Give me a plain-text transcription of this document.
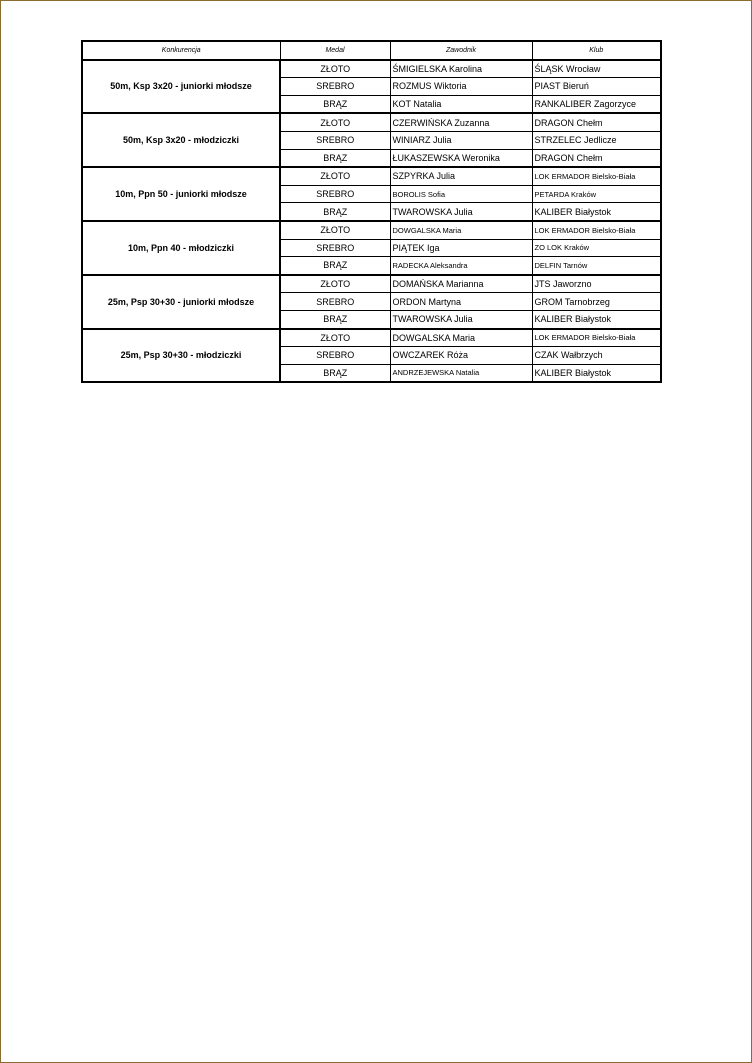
Konkurencja	Medal	Zawodnik	Klub
50m, Ksp 3x20 - juniorki młodsze	ZŁOTO	ŚMIGIELSKA Karolina	ŚLĄSK Wrocław
	SREBRO	ROZMUS Wiktoria	PIAST Bieruń
	BRĄZ	KOT Natalia	RANKALIBER Zagorzyce
50m, Ksp 3x20 - młodziczki	ZŁOTO	CZERWIŃSKA Zuzanna	DRAGON Chełm
	SREBRO	WINIARZ Julia	STRZELEC Jedlicze
	BRĄZ	ŁUKASZEWSKA Weronika	DRAGON Chełm
10m, Ppn 50 - juniorki młodsze	ZŁOTO	SZPYRKA Julia	LOK ERMADOR Bielsko-Biała
	SREBRO	BOROLIS Sofia	PETARDA Kraków
	BRĄZ	TWAROWSKA Julia	KALIBER Białystok
10m, Ppn 40 - młodziczki	ZŁOTO	DOWGALSKA Maria	LOK ERMADOR Bielsko-Biała
	SREBRO	PIĄTEK Iga	ZO LOK Kraków
	BRĄZ	RADECKA Aleksandra	DELFIN Tarnów
25m, Psp 30+30 - juniorki młodsze	ZŁOTO	DOMAŃSKA Marianna	JTS Jaworzno
	SREBRO	ORDON Martyna	GROM Tarnobrzeg
	BRĄZ	TWAROWSKA Julia	KALIBER Białystok
25m, Psp 30+30 - młodziczki	ZŁOTO	DOWGALSKA Maria	LOK ERMADOR Bielsko-Biała
	SREBRO	OWCZAREK Róża	CZAK Wałbrzych
	BRĄZ	ANDRZEJEWSKA Natalia	KALIBER Białystok
